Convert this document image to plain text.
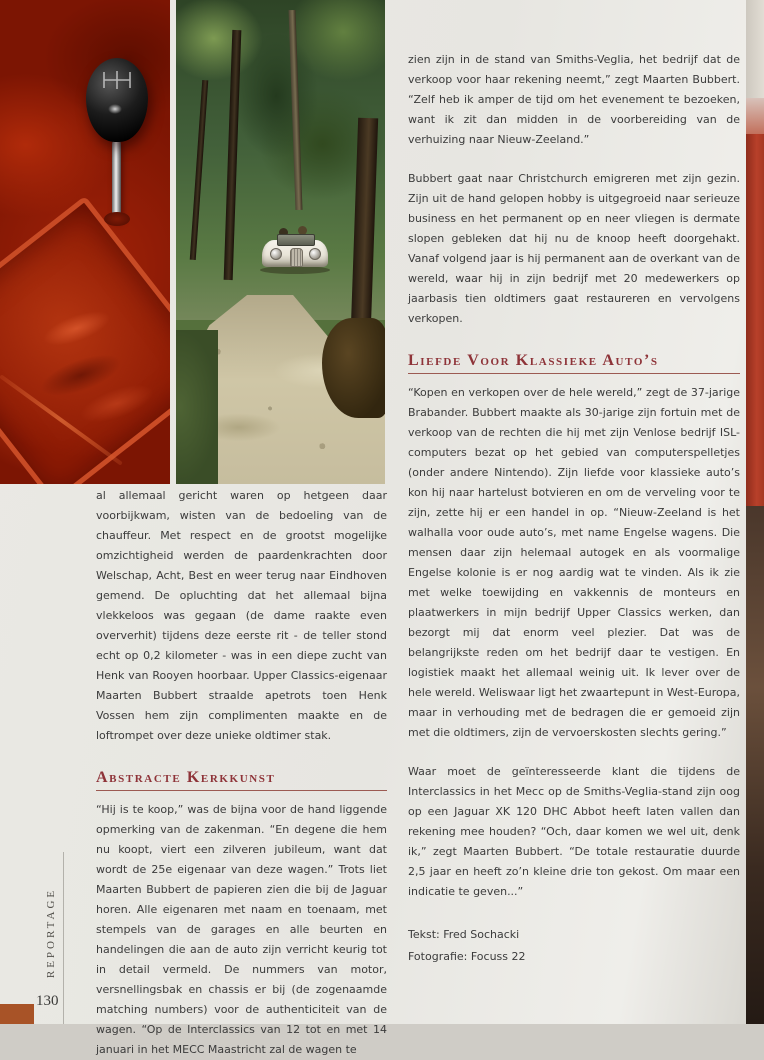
al allemaal gericht waren op hetgeen daar voorbijkwam, wisten van de bedoeling van de chauffeur. Met respect en de grootst mogelijke omzichtigheid werden de paardenkrachten door Welschap, Acht, Best en weer terug naar Eindhoven gemend. De opluchting dat het allemaal bijna vlekkeloos was gegaan (de dame raakte even oververhit) tijdens deze eerste rit - de teller stond echt op 0,2 kilometer - was in een diepe zucht van Henk van Rooyen hoorbaar. Upper Classics-eigenaar Maarten Bubbert straalde apetrots toen Henk Vossen hem zijn complimenten maakte en de loftrompet over deze unieke oldtimer stak.

Abstracte Kerkkunst

“Hij is te koop,” was de bijna voor de hand liggende opmerking van de zakenman. “En degene die hem nu koopt, viert een zilveren jubileum, want dat wordt de 25e eigenaar van deze wagen.” Trots liet Maarten Bubbert de papieren zien die bij de Jaguar horen. Alle eigenaren met naam en toenaam, met stempels van de garages en alle beurten en handelingen die aan de auto zijn verricht keurig tot in detail vermeld. De nummers van motor, versnellingsbak en chassis er bij (de zogenaamde matching numbers) voor de authenticiteit van de wagen. “Op de Interclassics van 12 tot en met 14 januari in het MECC Maastricht zal de wagen te

zien zijn in de stand van Smiths-Veglia, het bedrijf dat de verkoop voor haar rekening neemt,” zegt Maarten Bubbert. “Zelf heb ik amper de tijd om het evenement te bezoeken, want ik zit dan midden in de voorbereiding van de verhuizing naar Nieuw-Zeeland.”

Bubbert gaat naar Christchurch emigreren met zijn gezin. Zijn uit de hand gelopen hobby is uitgegroeid naar serieuze business en het permanent op en neer vliegen is dermate slopen gebleken dat hij nu de knoop heeft doorgehakt. Vanaf volgend jaar is hij permanent aan de overkant van de wereld, waar hij in zijn bedrijf met 20 medewerkers op jaarbasis tien oldtimers gaat restaureren en vervolgens verkopen.

Liefde Voor Klassieke Auto’s

“Kopen en verkopen over de hele wereld,” zegt de 37-jarige Brabander. Bubbert maakte als 30-jarige zijn fortuin met de verkoop van de rechten die hij met zijn Venlose bedrijf ISL-computers bezat op het gebied van computerspelletjes (onder andere Nintendo). Zijn liefde voor klassieke auto’s kon hij naar hartelust botvieren en om de verveling voor te zijn, zette hij er een handel in op. “Nieuw-Zeeland is het walhalla voor oude auto’s, met name Engelse wagens. Die mensen daar zijn helemaal autogek en als voormalige Engelse kolonie is er nog aardig wat te vinden. Als ik zie met welke toewijding en vakkennis de monteurs en plaatwerkers in mijn bedrijf Upper Classics werken, dan bezorgt mij dat enorm veel plezier. Dat was de belangrijkste reden om het bedrijf daar te vestigen. En logistiek maakt het allemaal weinig uit. Ik lever over de hele wereld. Weliswaar ligt het zwaartepunt in West-Europa, maar in verhouding met de bedragen die er gemoeid zijn met die oldtimers, zijn de vervoerskosten slechts gering.”

Waar moet de geïnteresseerde klant die tijdens de Interclassics in het Mecc op de Smiths-Veglia-stand zijn oog op een Jaguar XK 120 DHC Abbot heeft laten vallen dan rekening mee houden? “Och, daar komen we wel uit, denk ik,” zegt Maarten Bubbert. “De totale restauratie duurde 2,5 jaar en heeft zo’n kleine drie ton gekost. Om maar een indicatie te geven...”

Tekst: Fred Sochacki

Fotografie: Focuss 22

REPORTAGE
130
